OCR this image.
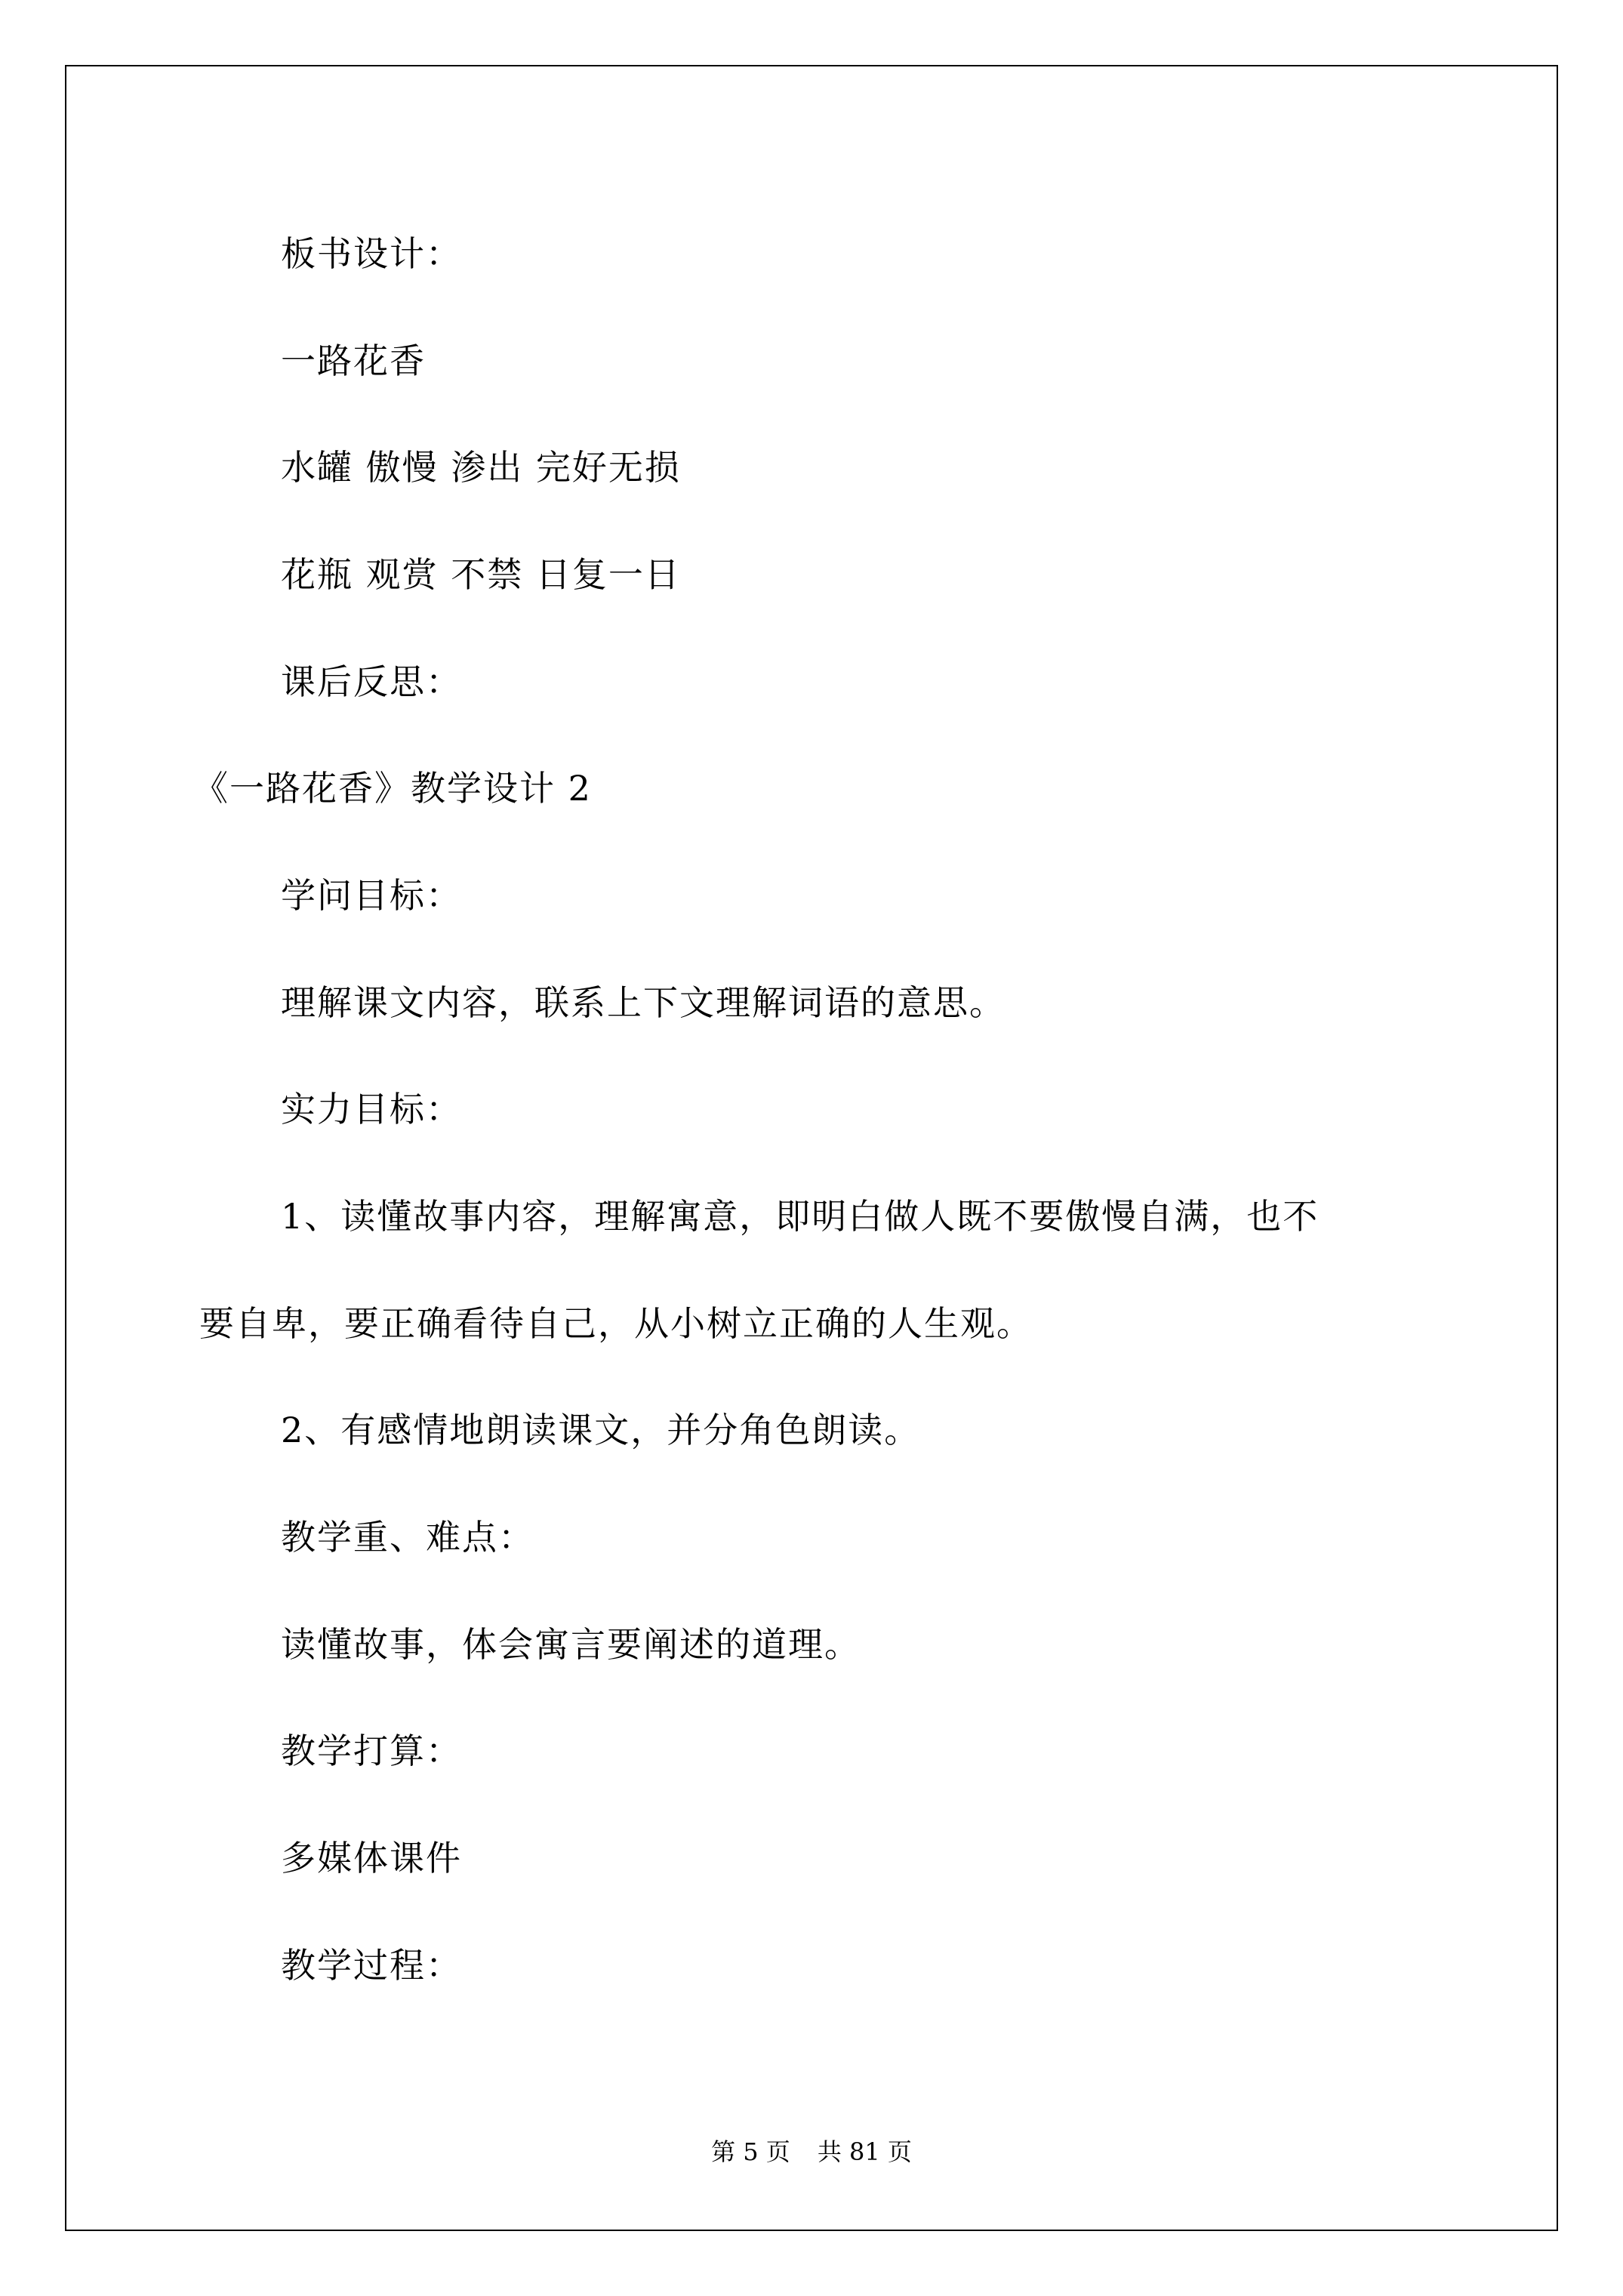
板书设计：

一路花香

水罐 傲慢 渗出 完好无损

花瓶 观赏 不禁 日复一日

课后反思：

《一路花香》教学设计 2

学问目标：

理解课文内容，联系上下文理解词语的意思。

实力目标：

1、读懂故事内容，理解寓意，即明白做人既不要傲慢自满，也不

要自卑，要正确看待自己，从小树立正确的人生观。

2、有感情地朗读课文，并分角色朗读。

教学重、难点：

读懂故事，体会寓言要阐述的道理。

教学打算：

多媒体课件

教学过程：

第 5 页 共 81 页
